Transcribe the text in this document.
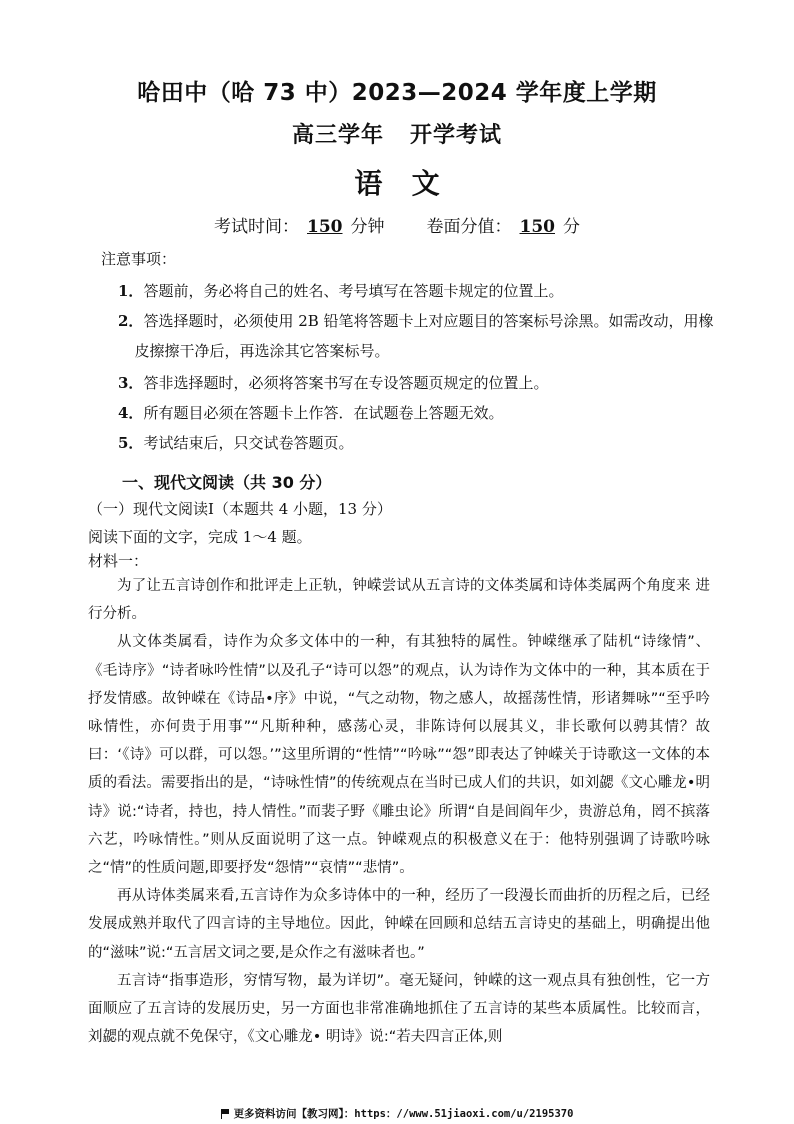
哈田中（哈 73 中）2023—2024 学年度上学期
高三学年   开学考试
语   文
考试时间： 150 分钟 卷面分值： 150 分
注意事项：

1．答题前，务必将自己的姓名、考号填写在答题卡规定的位置上。

2．答选择题时，必须使用 2B 铅笔将答题卡上对应题目的答案标号涂黑。如需改动，用橡皮擦擦干净后，再选涂其它答案标号。

3．答非选择题时，必须将答案书写在专设答题页规定的位置上。

4．所有题目必须在答题卡上作答．在试题卷上答题无效。

5．考试结束后，只交试卷答题页。

一、现代文阅读（共 30 分）
（一）现代文阅读Ⅰ（本题共 4 小题，13 分）
阅读下面的文字，完成 1～4 题。
材料一：

为了让五言诗创作和批评走上正轨，钟嵘尝试从五言诗的文体类属和诗体类属两个角度来 进行分析。

从文体类属看，诗作为众多文体中的一种，有其独特的属性。钟嵘继承了陆机“诗缘情”、 《毛诗序》“诗者咏吟性情”以及孔子“诗可以怨”的观点，认为诗作为文体中的一种，其本质在于抒发情感。故钟嵘在《诗品•序》中说，“气之动物，物之感人，故摇荡性情，形诸舞咏”“至乎吟咏情性，亦何贵于用事”“凡斯种种，感荡心灵，非陈诗何以展其义，非长歌何以骋其情？故曰：‘《诗》可以群，可以怨。’”这里所谓的“性情”“吟咏”“怨”即表达了钟嵘关于诗歌这一文体的本质的看法。需要指出的是，“诗咏性情”的传统观点在当时已成人们的共识，如刘勰《文心雕龙•明诗》说:“诗者，持也，持人情性。”而裴子野《雕虫论》所谓“自是闾阎年少，贵游总角，罔不摈落六艺，吟咏情性。”则从反面说明了这一点。钟嵘观点的积极意义在于：他特别强调了诗歌吟咏之“情”的性质问题,即要抒发“怨情”“哀情”“悲情”。

再从诗体类属来看,五言诗作为众多诗体中的一种，经历了一段漫长而曲折的历程之后，已经发展成熟并取代了四言诗的主导地位。因此，钟嵘在回顾和总结五言诗史的基础上，明确提出他的“滋味”说:“五言居文词之要,是众作之有滋味者也。”

五言诗“指事造形，穷情写物，最为详切”。毫无疑问，钟嵘的这一观点具有独创性，它一方面顺应了五言诗的发展历史，另一方面也非常准确地抓住了五言诗的某些本质属性。比较而言，刘勰的观点就不免保守，《文心雕龙• 明诗》说:“若夫四言正体,则

更多资料访问【教习网】：https：//www.51jiaoxi.com/u/2195370
